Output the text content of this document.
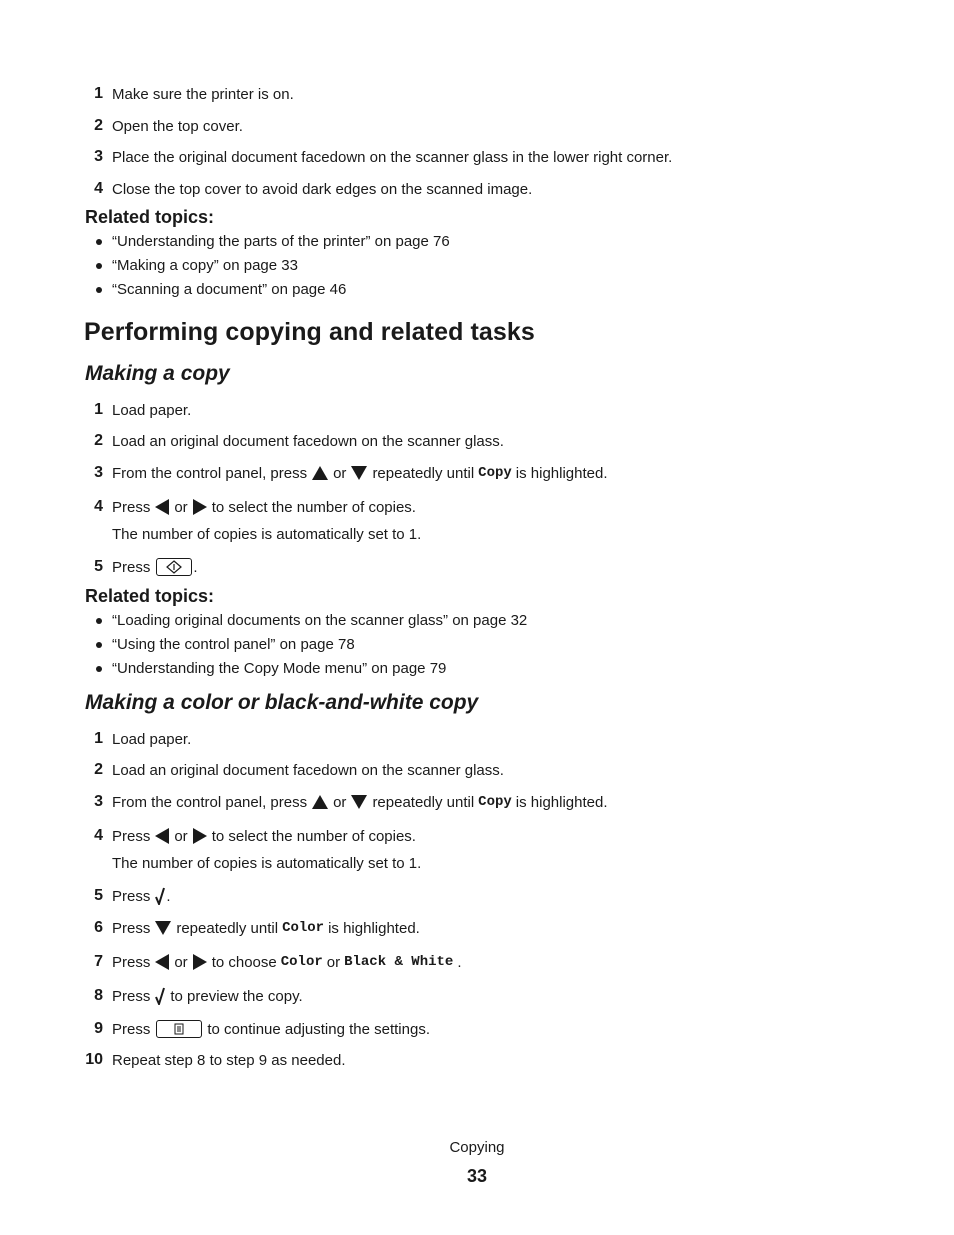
1 Make sure the printer is on.
2 Open the top cover.
3 Place the original document facedown on the scanner glass in the lower right corner.
4 Close the top cover to avoid dark edges on the scanned image.
Related topics:
“Understanding the parts of the printer” on page 76
“Making a copy” on page 33
“Scanning a document” on page 46
Performing copying and related tasks
Making a copy
1 Load paper.
2 Load an original document facedown on the scanner glass.
3 From the control panel, press or repeatedly until Copy is highlighted.
4 Press or to select the number of copies.
The number of copies is automatically set to 1.
5 Press	.
Related topics:
“Loading original documents on the scanner glass” on page 32
“Using the control panel” on page 78
“Understanding the Copy Mode menu” on page 79
Making a color or black-and-white copy
1 Load paper.
2 Load an original document facedown on the scanner glass.
3 From the control panel, press or repeatedly until Copy is highlighted.
4 Press or to select the number of copies.
The number of copies is automatically set to 1.
5 Press .
6 Press repeatedly until Color is highlighted.
7 Press or to choose Color or Black & White .
8 Press to preview the copy.
9 Press	to continue adjusting the settings.
10 Repeat step 8 to step 9 as needed.
Copying
33
